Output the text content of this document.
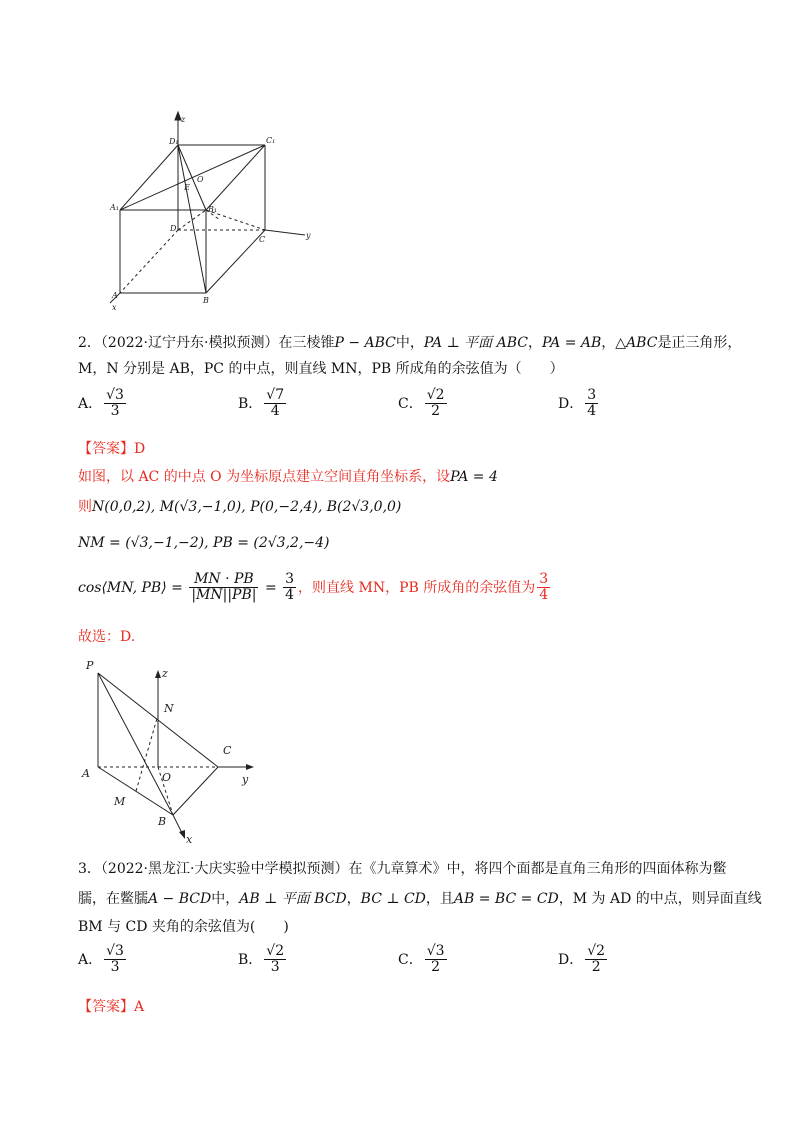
z
y
x
D₁	C₁
A₁	B₁
O
E
D
C
A
B
2．（2022·辽宁丹东·模拟预测）在三棱锥P − ABC中，PA ⊥ 平面 ABC，PA = AB，△ABC是正三角形，
M，N 分别是 AB，PC 的中点，则直线 MN，PB 所成角的余弦值为（　　）
A． $\frac{√3}{3}$	B． $\frac{√7}{4}$	C． $\frac{√2}{2}$	D． $\frac{3}{4}$
【答案】D
如图，以 AC 的中点 O 为坐标原点建立空间直角坐标系，设PA = 4
则N(0,0,2), M(√3,−1,0), P(0,−2,4), B(2√3,0,0)
NM = (√3,−1,−2), PB = (2√3,2,−4)
cos⟨MN, PB⟩ = $\frac{MN \cdot PB}{|MN||PB|} = \frac{3}{4}$ ，则直线 MN，PB 所成角的余弦值为 $\frac{3}{4}$
故选：D.
P
z
N
C
A	O	y
M
B
x
3．（2022·黑龙江·大庆实验中学模拟预测）在《九章算术》中，将四个面都是直角三角形的四面体称为鳖
臑，在鳖臑A − BCD中，AB ⊥ 平面 BCD，BC ⊥ CD，且AB = BC = CD，M 为 AD 的中点，则异面直线
BM 与 CD 夹角的余弦值为(　　)
A． $\frac{√3}{3}$	B． $\frac{√2}{3}$	C． $\frac{√3}{2}$	D． $\frac{√2}{2}$
【答案】A
